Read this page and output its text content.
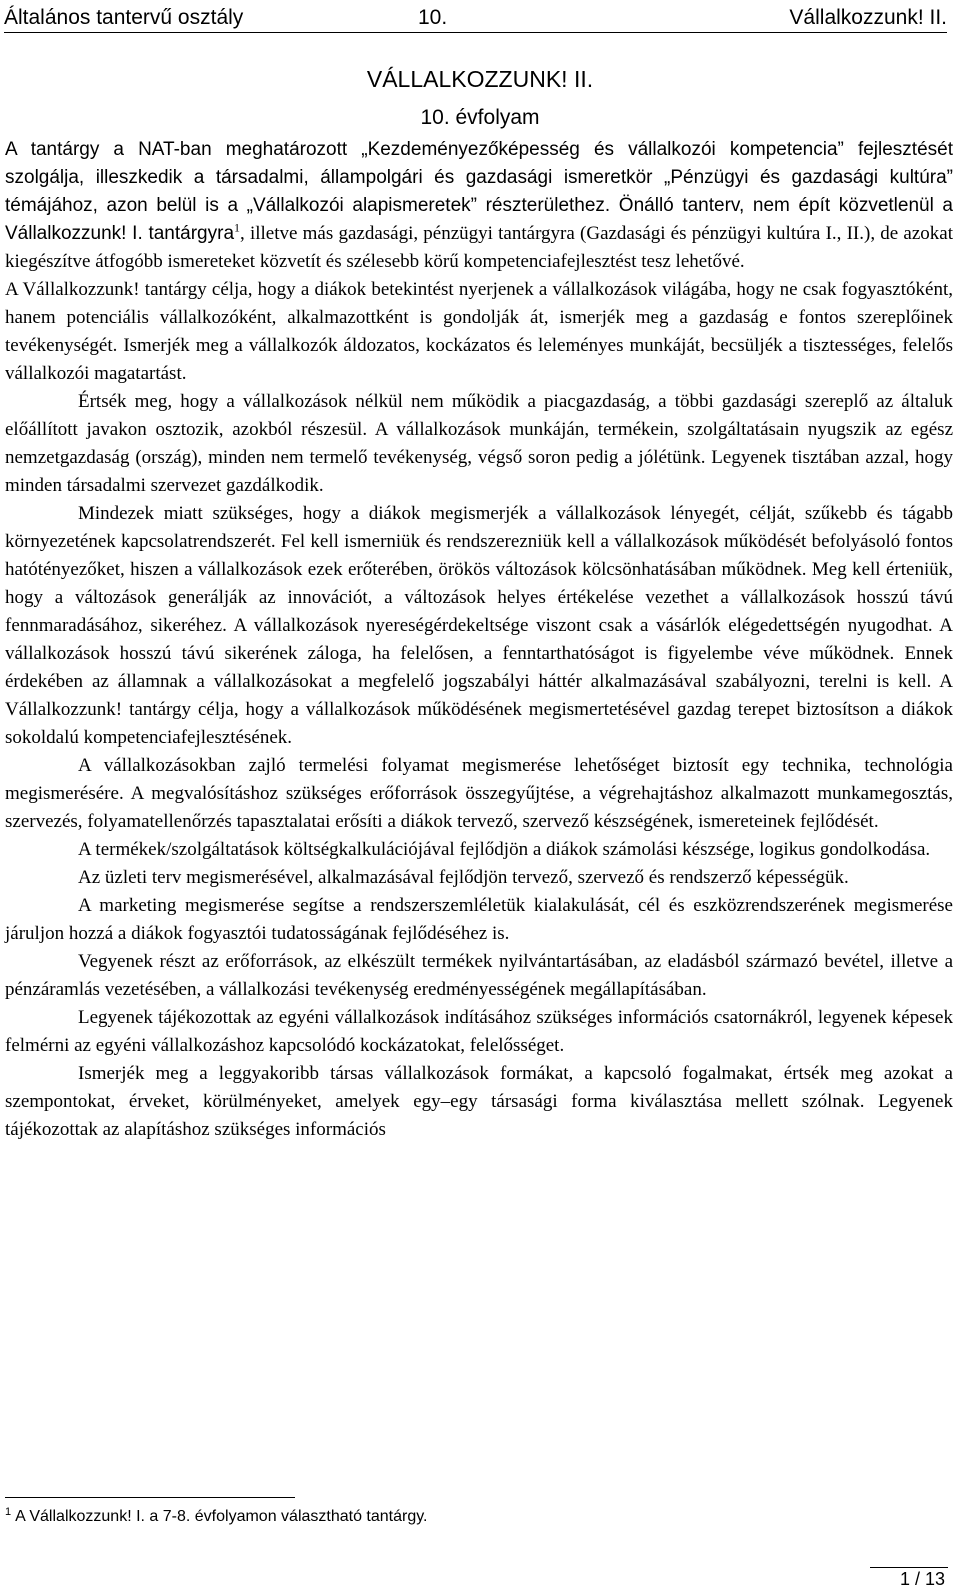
Általános tantervű osztály	10.	Vállalkozzunk! II.
VÁLLALKOZZUNK! II.
10. évfolyam

A tantárgy a NAT-ban meghatározott „Kezdeményezőképesség és vállalkozói kompetencia” fejlesztését szolgálja, illeszkedik a társadalmi, állampolgári és gazdasági ismeretkör „Pénzügyi és gazdasági kultúra” témájához, azon belül is a „Vállalkozói alapismeretek” részterülethez. Önálló tanterv, nem épít közvetlenül a Vállalkozzunk! I. tantárgyra$^1$, illetve más gazdasági, pénzügyi tantárgyra (Gazdasági és pénzügyi kultúra I., II.), de azokat kiegészítve átfogóbb ismereteket közvetít és szélesebb körű kompetenciafejlesztést tesz lehetővé.

A Vállalkozzunk! tantárgy célja, hogy a diákok betekintést nyerjenek a vállalkozások világába, hogy ne csak fogyasztóként, hanem potenciális vállalkozóként, alkalmazottként is gondolják át, ismerjék meg a gazdaság e fontos szereplőinek tevékenységét. Ismerjék meg a vállalkozók áldozatos, kockázatos és leleményes munkáját, becsüljék a tisztességes, felelős vállalkozói magatartást.

Értsék meg, hogy a vállalkozások nélkül nem működik a piacgazdaság, a többi gazdasági szereplő az általuk előállított javakon osztozik, azokból részesül. A vállalkozások munkáján, termékein, szolgáltatásain nyugszik az egész nemzetgazdaság (ország), minden nem termelő tevékenység, végső soron pedig a jólétünk. Legyenek tisztában azzal, hogy minden társadalmi szervezet gazdálkodik.

Mindezek miatt szükséges, hogy a diákok megismerjék a vállalkozások lényegét, célját, szűkebb és tágabb környezetének kapcsolatrendszerét. Fel kell ismerniük és rendszerezniük kell a vállalkozások működését befolyásoló fontos hatótényezőket, hiszen a vállalkozások ezek erőterében, örökös változások kölcsönhatásában működnek. Meg kell érteniük, hogy a változások generálják az innovációt, a változások helyes értékelése vezethet a vállalkozások hosszú távú fennmaradásához, sikeréhez. A vállalkozások nyereségérdekeltsége viszont csak a vásárlók elégedettségén nyugodhat. A vállalkozások hosszú távú sikerének záloga, ha felelősen, a fenntarthatóságot is figyelembe véve működnek. Ennek érdekében az államnak a vállalkozásokat a megfelelő jogszabályi háttér alkalmazásával szabályozni, terelni is kell. A Vállalkozzunk! tantárgy célja, hogy a vállalkozások működésének megismertetésével gazdag terepet biztosítson a diákok sokoldalú kompetenciafejlesztésének.

A vállalkozásokban zajló termelési folyamat megismerése lehetőséget biztosít egy technika, technológia megismerésére. A megvalósításhoz szükséges erőforrások összegyűjtése, a végrehajtáshoz alkalmazott munkamegosztás, szervezés, folyamatellenőrzés tapasztalatai erősíti a diákok tervező, szervező készségének, ismereteinek fejlődését.

A termékek/szolgáltatások költségkalkulációjával fejlődjön a diákok számolási készsége, logikus gondolkodása.

Az üzleti terv megismerésével, alkalmazásával fejlődjön tervező, szervező és rendszerző képességük.

A marketing megismerése segítse a rendszerszemléletük kialakulását, cél és eszközrendszerének megismerése járuljon hozzá a diákok fogyasztói tudatosságának fejlődéséhez is.

Vegyenek részt az erőforrások, az elkészült termékek nyilvántartásában, az eladásból származó bevétel, illetve a pénzáramlás vezetésében, a vállalkozási tevékenység eredményességének megállapításában.

Legyenek tájékozottak az egyéni vállalkozások indításához szükséges információs csatornákról, legyenek képesek felmérni az egyéni vállalkozáshoz kapcsolódó kockázatokat, felelősséget.

Ismerjék meg a leggyakoribb társas vállalkozások formákat, a kapcsoló fogalmakat, értsék meg azokat a szempontokat, érveket, körülményeket, amelyek egy–egy társasági forma kiválasztása mellett szólnak. Legyenek tájékozottak az alapításhoz szükséges információs

$^1$ A Vállalkozzunk! I. a 7-8. évfolyamon választható tantárgy.
1 / 13
